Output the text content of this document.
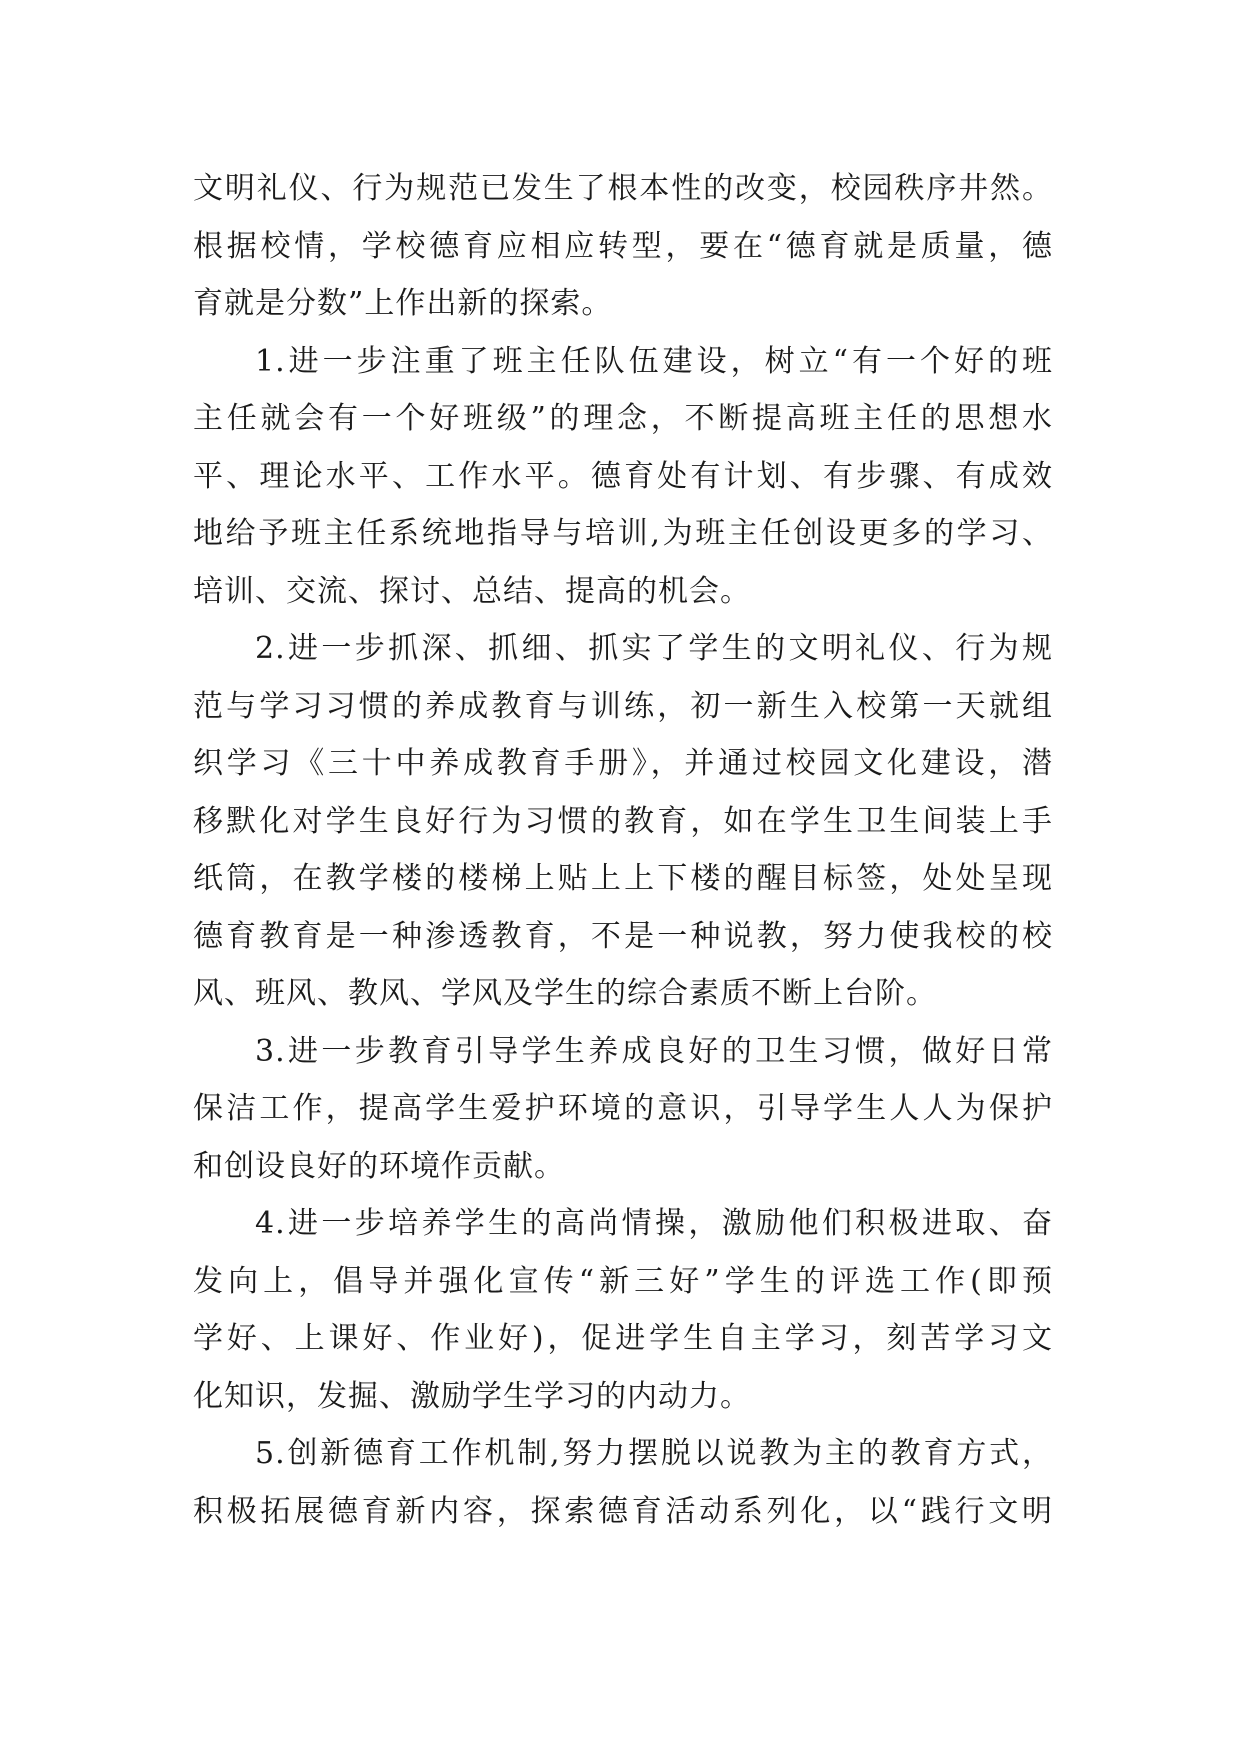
文明礼仪、行为规范已发生了根本性的改变，校园秩序井然。
根据校情，学校德育应相应转型，要在“德育就是质量，德
育就是分数”上作出新的探索。
1.进一步注重了班主任队伍建设，树立“有一个好的班
主任就会有一个好班级”的理念，不断提高班主任的思想水
平、理论水平、工作水平。德育处有计划、有步骤、有成效
地给予班主任系统地指导与培训,为班主任创设更多的学习、
培训、交流、探讨、总结、提高的机会。
2.进一步抓深、抓细、抓实了学生的文明礼仪、行为规
范与学习习惯的养成教育与训练，初一新生入校第一天就组
织学习《三十中养成教育手册》，并通过校园文化建设，潜
移默化对学生良好行为习惯的教育，如在学生卫生间装上手
纸筒，在教学楼的楼梯上贴上上下楼的醒目标签，处处呈现
德育教育是一种渗透教育，不是一种说教，努力使我校的校
风、班风、教风、学风及学生的综合素质不断上台阶。
3.进一步教育引导学生养成良好的卫生习惯，做好日常
保洁工作，提高学生爱护环境的意识，引导学生人人为保护
和创设良好的环境作贡献。
4.进一步培养学生的高尚情操，激励他们积极进取、奋
发向上，倡导并强化宣传“新三好”学生的评选工作(即预
学好、上课好、作业好)，促进学生自主学习，刻苦学习文
化知识，发掘、激励学生学习的内动力。
5.创新德育工作机制,努力摆脱以说教为主的教育方式，
积极拓展德育新内容，探索德育活动系列化，以“践行文明
